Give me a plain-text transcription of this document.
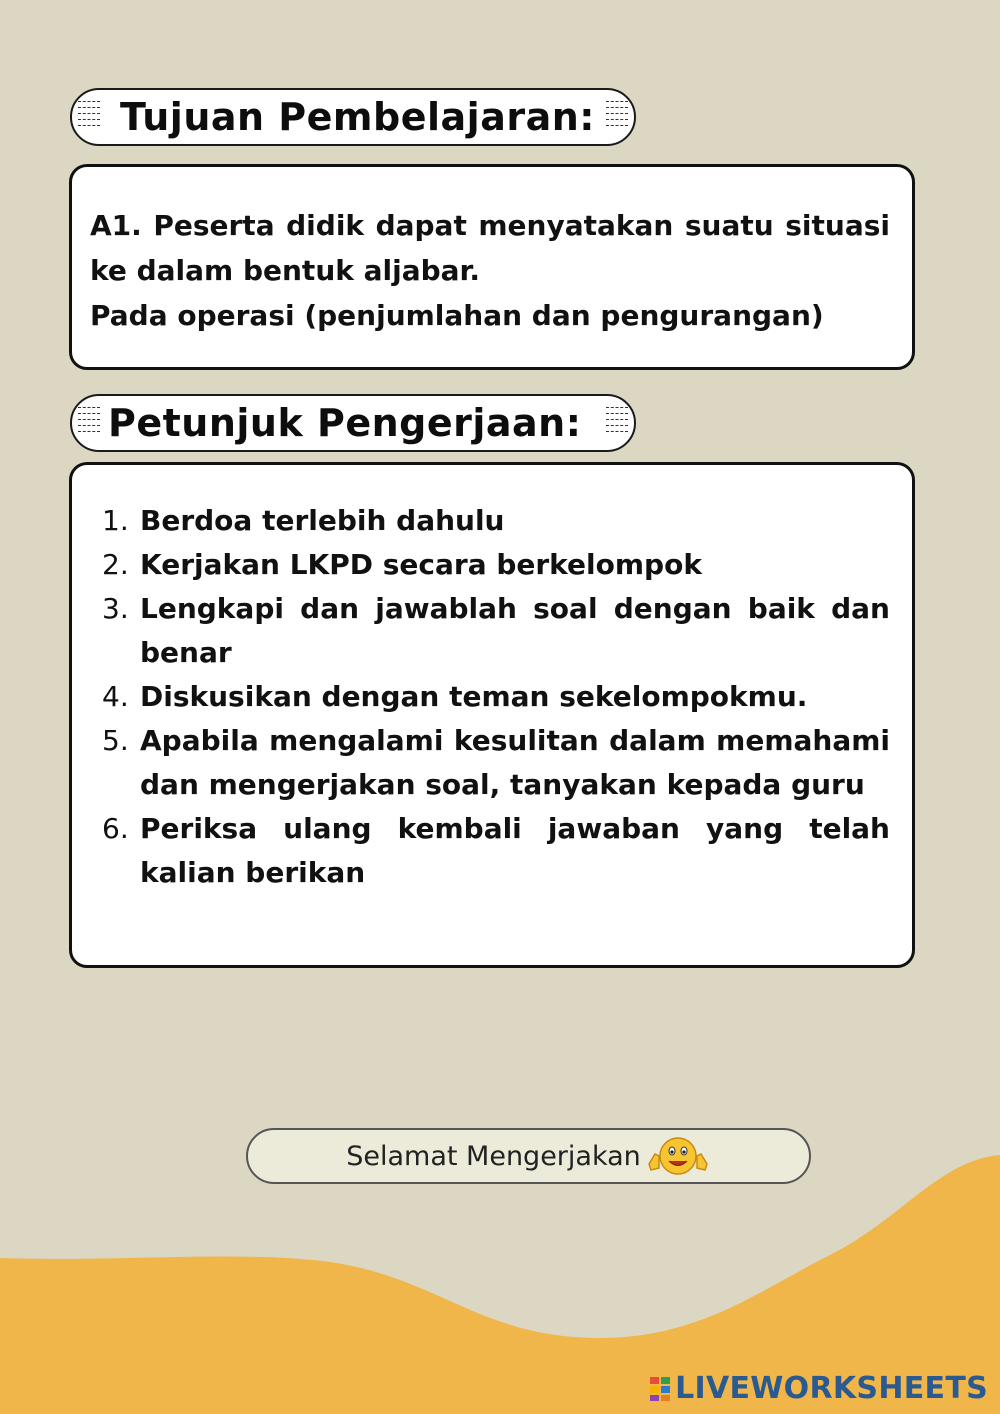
Tujuan Pembelajaran:
A1. Peserta didik dapat menyatakan suatu situasi ke dalam bentuk aljabar.
Pada operasi (penjumlahan dan pengurangan)
Petunjuk Pengerjaan:
1. Berdoa terlebih dahulu
2. Kerjakan LKPD secara berkelompok
3. Lengkapi dan jawablah soal dengan baik dan benar
4. Diskusikan dengan teman sekelompokmu.
5. Apabila mengalami kesulitan dalam memahami dan mengerjakan soal, tanyakan kepada guru
6. Periksa ulang kembali jawaban yang telah kalian berikan
Selamat Mengerjakan
LIVEWORKSHEETS
